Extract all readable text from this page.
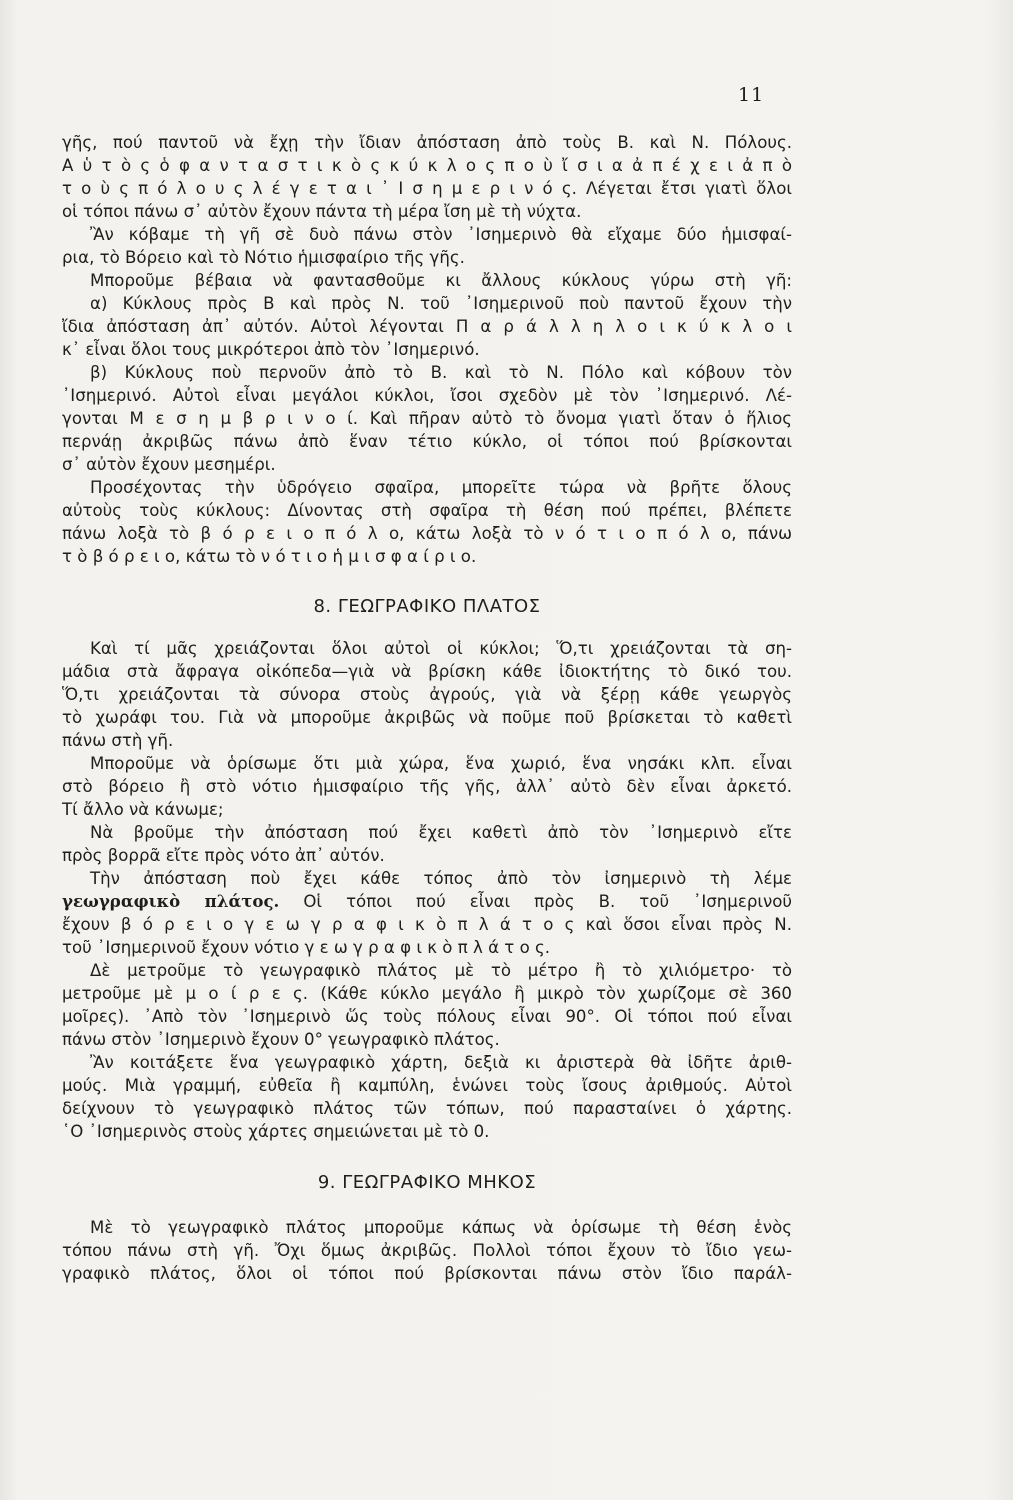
11
γῆς, πού παντοῦ νὰ ἔχῃ τὴν ἴδιαν ἀπόσταση ἀπὸ τοὺς Β. καὶ Ν. Πόλους.
Α ὑ τ ὸ ς ὁ φ α ν τ α σ τ ι κ ὸ ς κ ύ κ λ ο ς π ο ὺ ἴ σ ι α ἀ π έ χ ε ι ἀ π ὸ
τ ο ὺ ς π ό λ ο υ ς λ έ γ ε τ α ι ᾿ Ι σ η μ ε ρ ι ν ό ς. Λέγεται ἔτσι γιατὶ ὅλοι
οἱ τόποι πάνω σ᾿ αὐτὸν ἔχουν πάντα τὴ μέρα ἴση μὲ τὴ νύχτα.
Ἂν κόβαμε τὴ γῆ σὲ δυὸ πάνω στὸν ᾿Ισημερινὸ θὰ εἴχαμε δύο ἡμισφαί-
ρια, τὸ Βόρειο καὶ τὸ Νότιο ἡμισφαίριο τῆς γῆς.
Μποροῦμε βέβαια νὰ φαντασθοῦμε κι ἄλλους κύκλους γύρω στὴ γῆ:
α) Κύκλους πρὸς Β καὶ πρὸς Ν. τοῦ ᾿Ισημερινοῦ ποὺ παντοῦ ἔχουν τὴν
ἴδια ἀπόσταση ἀπ᾿ αὐτόν. Αὐτοὶ λέγονται Π α ρ ά λ λ η λ ο ι κ ύ κ λ ο ι
κ᾿ εἶναι ὅλοι τους μικρότεροι ἀπὸ τὸν ᾿Ισημερινό.
β) Κύκλους ποὺ περνοῦν ἀπὸ τὸ Β. καὶ τὸ Ν. Πόλο καὶ κόβουν τὸν
᾿Ισημερινό. Αὐτοὶ εἶναι μεγάλοι κύκλοι, ἴσοι σχεδὸν μὲ τὸν ᾿Ισημερινό. Λέ-
γονται Μ ε σ η μ β ρ ι ν ο ί. Καὶ πῆραν αὐτὸ τὸ ὄνομα γιατὶ ὅταν ὁ ἥλιος
περνάῃ ἀκριβῶς πάνω ἀπὸ ἕναν τέτιο κύκλο, οἱ τόποι πού βρίσκονται
σ᾿ αὐτὸν ἔχουν μεσημέρι.
Προσέχοντας τὴν ὑδρόγειο σφαῖρα, μπορεῖτε τώρα νὰ βρῆτε ὅλους
αὐτοὺς τοὺς κύκλους: Δίνοντας στὴ σφαῖρα τὴ θέση πού πρέπει, βλέπετε
πάνω λοξὰ τὸ β ό ρ ε ι ο π ό λ ο, κάτω λοξὰ τὸ ν ό τ ι ο π ό λ ο, πάνω
τ ὸ β ό ρ ε ι ο, κάτω τὸ ν ό τ ι ο ἡ μ ι σ φ α ί ρ ι ο.
8. ΓΕΩΓΡΑΦΙΚΟ ΠΛΑΤΟΣ
Καὶ τί μᾶς χρειάζονται ὅλοι αὐτοὶ οἱ κύκλοι; Ὅ,τι χρειάζονται τὰ ση-
μάδια στὰ ἄφραγα οἰκόπεδα—γιὰ νὰ βρίσκη κάθε ἰδιοκτήτης τὸ δικό του.
Ὅ,τι χρειάζονται τὰ σύνορα στοὺς ἀγρούς, γιὰ νὰ ξέρῃ κάθε γεωργὸς
τὸ χωράφι του. Γιὰ νὰ μποροῦμε ἀκριβῶς νὰ ποῦμε ποῦ βρίσκεται τὸ καθετὶ
πάνω στὴ γῆ.
Μποροῦμε νὰ ὁρίσωμε ὅτι μιὰ χώρα, ἕνα χωριό, ἕνα νησάκι κλπ. εἶναι
στὸ βόρειο ἢ στὸ νότιο ἡμισφαίριο τῆς γῆς, ἀλλ᾿ αὐτὸ δὲν εἶναι ἀρκετό.
Τί ἄλλο νὰ κάνωμε;
Νὰ βροῦμε τὴν ἀπόσταση πού ἔχει καθετὶ ἀπὸ τὸν ᾿Ισημερινὸ εἴτε
πρὸς βορρᾶ εἴτε πρὸς νότο ἀπ᾿ αὐτόν.
Τὴν ἀπόσταση ποὺ ἔχει κάθε τόπος ἀπὸ τὸν ἰσημερινὸ τὴ λέμε
γεωγραφικὸ πλάτος. Οἱ τόποι πού εἶναι πρὸς Β. τοῦ ᾿Ισημερινοῦ
ἔχουν β ό ρ ε ι ο γ ε ω γ ρ α φ ι κ ὸ π λ ά τ ο ς καὶ ὅσοι εἶναι πρὸς Ν.
τοῦ ᾿Ισημερινοῦ ἔχουν νότιο γ ε ω γ ρ α φ ι κ ὸ π λ ά τ ο ς.
Δὲ μετροῦμε τὸ γεωγραφικὸ πλάτος μὲ τὸ μέτρο ἢ τὸ χιλιόμετρο· τὸ
μετροῦμε μὲ μ ο ί ρ ε ς. (Κάθε κύκλο μεγάλο ἢ μικρὸ τὸν χωρίζομε σὲ 360
μοῖρες). ᾿Απὸ τὸν ᾿Ισημερινὸ ὥς τοὺς πόλους εἶναι 90°. Οἱ τόποι πού εἶναι
πάνω στὸν ᾿Ισημερινὸ ἔχουν 0° γεωγραφικὸ πλάτος.
Ἂν κοιτάξετε ἕνα γεωγραφικὸ χάρτη, δεξιὰ κι ἀριστερὰ θὰ ἰδῆτε ἀριθ-
μούς. Μιὰ γραμμή, εὐθεῖα ἢ καμπύλη, ἑνώνει τοὺς ἴσους ἀριθμούς. Αὐτοὶ
δείχνουν τὸ γεωγραφικὸ πλάτος τῶν τόπων, πού παρασταίνει ὁ χάρτης.
῾Ο ᾿Ισημερινὸς στοὺς χάρτες σημειώνεται μὲ τὸ 0.
9. ΓΕΩΓΡΑΦΙΚΟ ΜΗΚΟΣ
Μὲ τὸ γεωγραφικὸ πλάτος μποροῦμε κάπως νὰ ὁρίσωμε τὴ θέση ἑνὸς
τόπου πάνω στὴ γῆ. Ὄχι ὅμως ἀκριβῶς. Πολλοὶ τόποι ἔχουν τὸ ἴδιο γεω-
γραφικὸ πλάτος, ὅλοι οἱ τόποι πού βρίσκονται πάνω στὸν ἴδιο παράλ-
